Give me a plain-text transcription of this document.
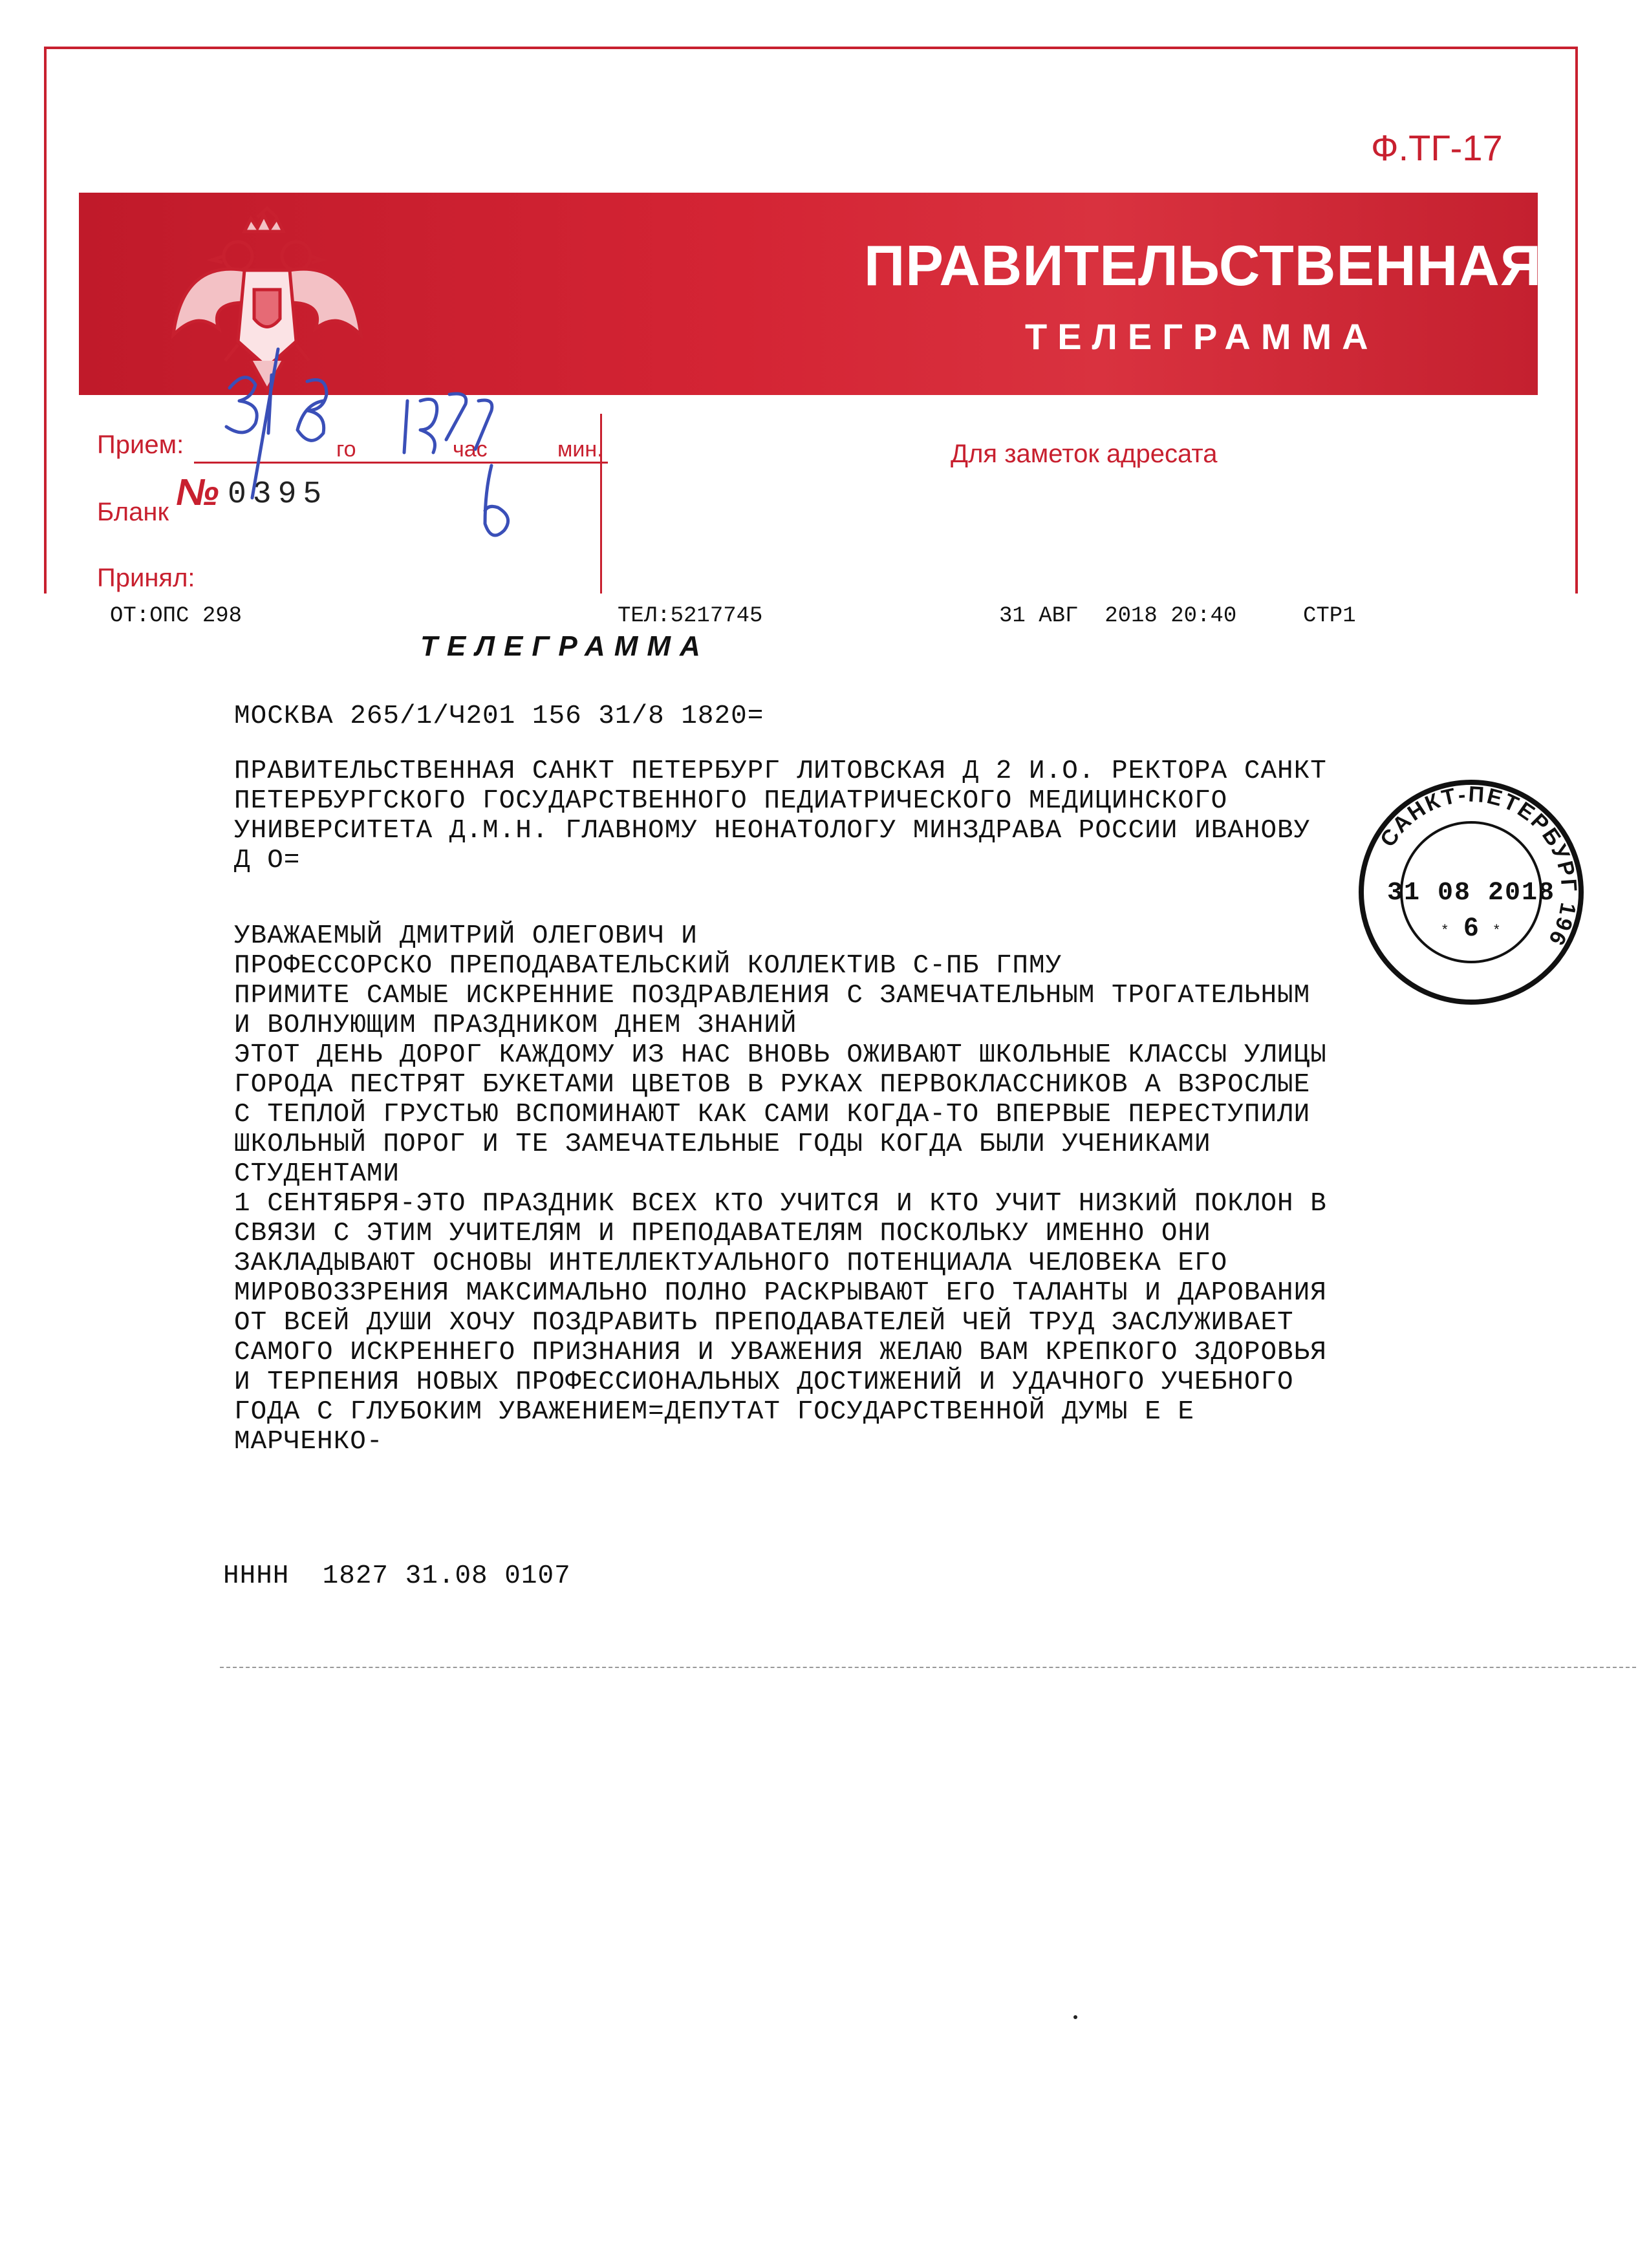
Ф.ТГ-17
ПРАВИТЕЛЬСТВЕННАЯ
ТЕЛЕГРАММА
Прием:	го	час	мин.
Бланк № 0395
Принял:
Для заметок адресата
ОТ:ОПС 298	ТЕЛ:5217745	31 АВГ  2018 20:40	СТР1
ТЕЛЕГРАММА
МОСКВА 265/1/Ч201 156 31/8 1820=
ПРАВИТЕЛЬСТВЕННАЯ САНКТ ПЕТЕРБУРГ ЛИТОВСКАЯ Д 2 И.О. РЕКТОРА САНКТ
ПЕТЕРБУРГСКОГО ГОСУДАРСТВЕННОГО ПЕДИАТРИЧЕСКОГО МЕДИЦИНСКОГО
УНИВЕРСИТЕТА Д.М.Н. ГЛАВНОМУ НЕОНАТОЛОГУ МИНЗДРАВА РОССИИ ИВАНОВУ
Д О=
УВАЖАЕМЫЙ ДМИТРИЙ ОЛЕГОВИЧ И
ПРОФЕССОРСКО ПРЕПОДАВАТЕЛЬСКИЙ КОЛЛЕКТИВ С-ПБ ГПМУ
ПРИМИТЕ САМЫЕ ИСКРЕННИЕ ПОЗДРАВЛЕНИЯ С ЗАМЕЧАТЕЛЬНЫМ ТРОГАТЕЛЬНЫМ
И ВОЛНУЮЩИМ ПРАЗДНИКОМ ДНЕМ ЗНАНИЙ
ЭТОТ ДЕНЬ ДОРОГ КАЖДОМУ ИЗ НАС ВНОВЬ ОЖИВАЮТ ШКОЛЬНЫЕ КЛАССЫ УЛИЦЫ
ГОРОДА ПЕСТРЯТ БУКЕТАМИ ЦВЕТОВ В РУКАХ ПЕРВОКЛАССНИКОВ А ВЗРОСЛЫЕ
С ТЕПЛОЙ ГРУСТЬЮ ВСПОМИНАЮТ КАК САМИ КОГДА-ТО ВПЕРВЫЕ ПЕРЕСТУПИЛИ
ШКОЛЬНЫЙ ПОРОГ И ТЕ ЗАМЕЧАТЕЛЬНЫЕ ГОДЫ КОГДА БЫЛИ УЧЕНИКАМИ
СТУДЕНТАМИ
1 СЕНТЯБРЯ-ЭТО ПРАЗДНИК ВСЕХ КТО УЧИТСЯ И КТО УЧИТ НИЗКИЙ ПОКЛОН В
СВЯЗИ С ЭТИМ УЧИТЕЛЯМ И ПРЕПОДАВАТЕЛЯМ ПОСКОЛЬКУ ИМЕННО ОНИ
ЗАКЛАДЫВАЮТ ОСНОВЫ ИНТЕЛЛЕКТУАЛЬНОГО ПОТЕНЦИАЛА ЧЕЛОВЕКА ЕГО
МИРОВОЗЗРЕНИЯ МАКСИМАЛЬНО ПОЛНО РАСКРЫВАЮТ ЕГО ТАЛАНТЫ И ДАРОВАНИЯ
ОТ ВСЕЙ ДУШИ ХОЧУ ПОЗДРАВИТЬ ПРЕПОДАВАТЕЛЕЙ ЧЕЙ ТРУД ЗАСЛУЖИВАЕТ
САМОГО ИСКРЕННЕГО ПРИЗНАНИЯ И УВАЖЕНИЯ ЖЕЛАЮ ВАМ КРЕПКОГО ЗДОРОВЬЯ
И ТЕРПЕНИЯ НОВЫХ ПРОФЕССИОНАЛЬНЫХ ДОСТИЖЕНИЙ И УДАЧНОГО УЧЕБНОГО
ГОДА С ГЛУБОКИМ УВАЖЕНИЕМ=ДЕПУТАТ ГОСУДАРСТВЕННОЙ ДУМЫ Е Е
МАРЧЕНКО-
НННН  1827 31.08 0107
САНКТ-ПЕТЕРБУРГ 196
31 08 2018
6
*	*
